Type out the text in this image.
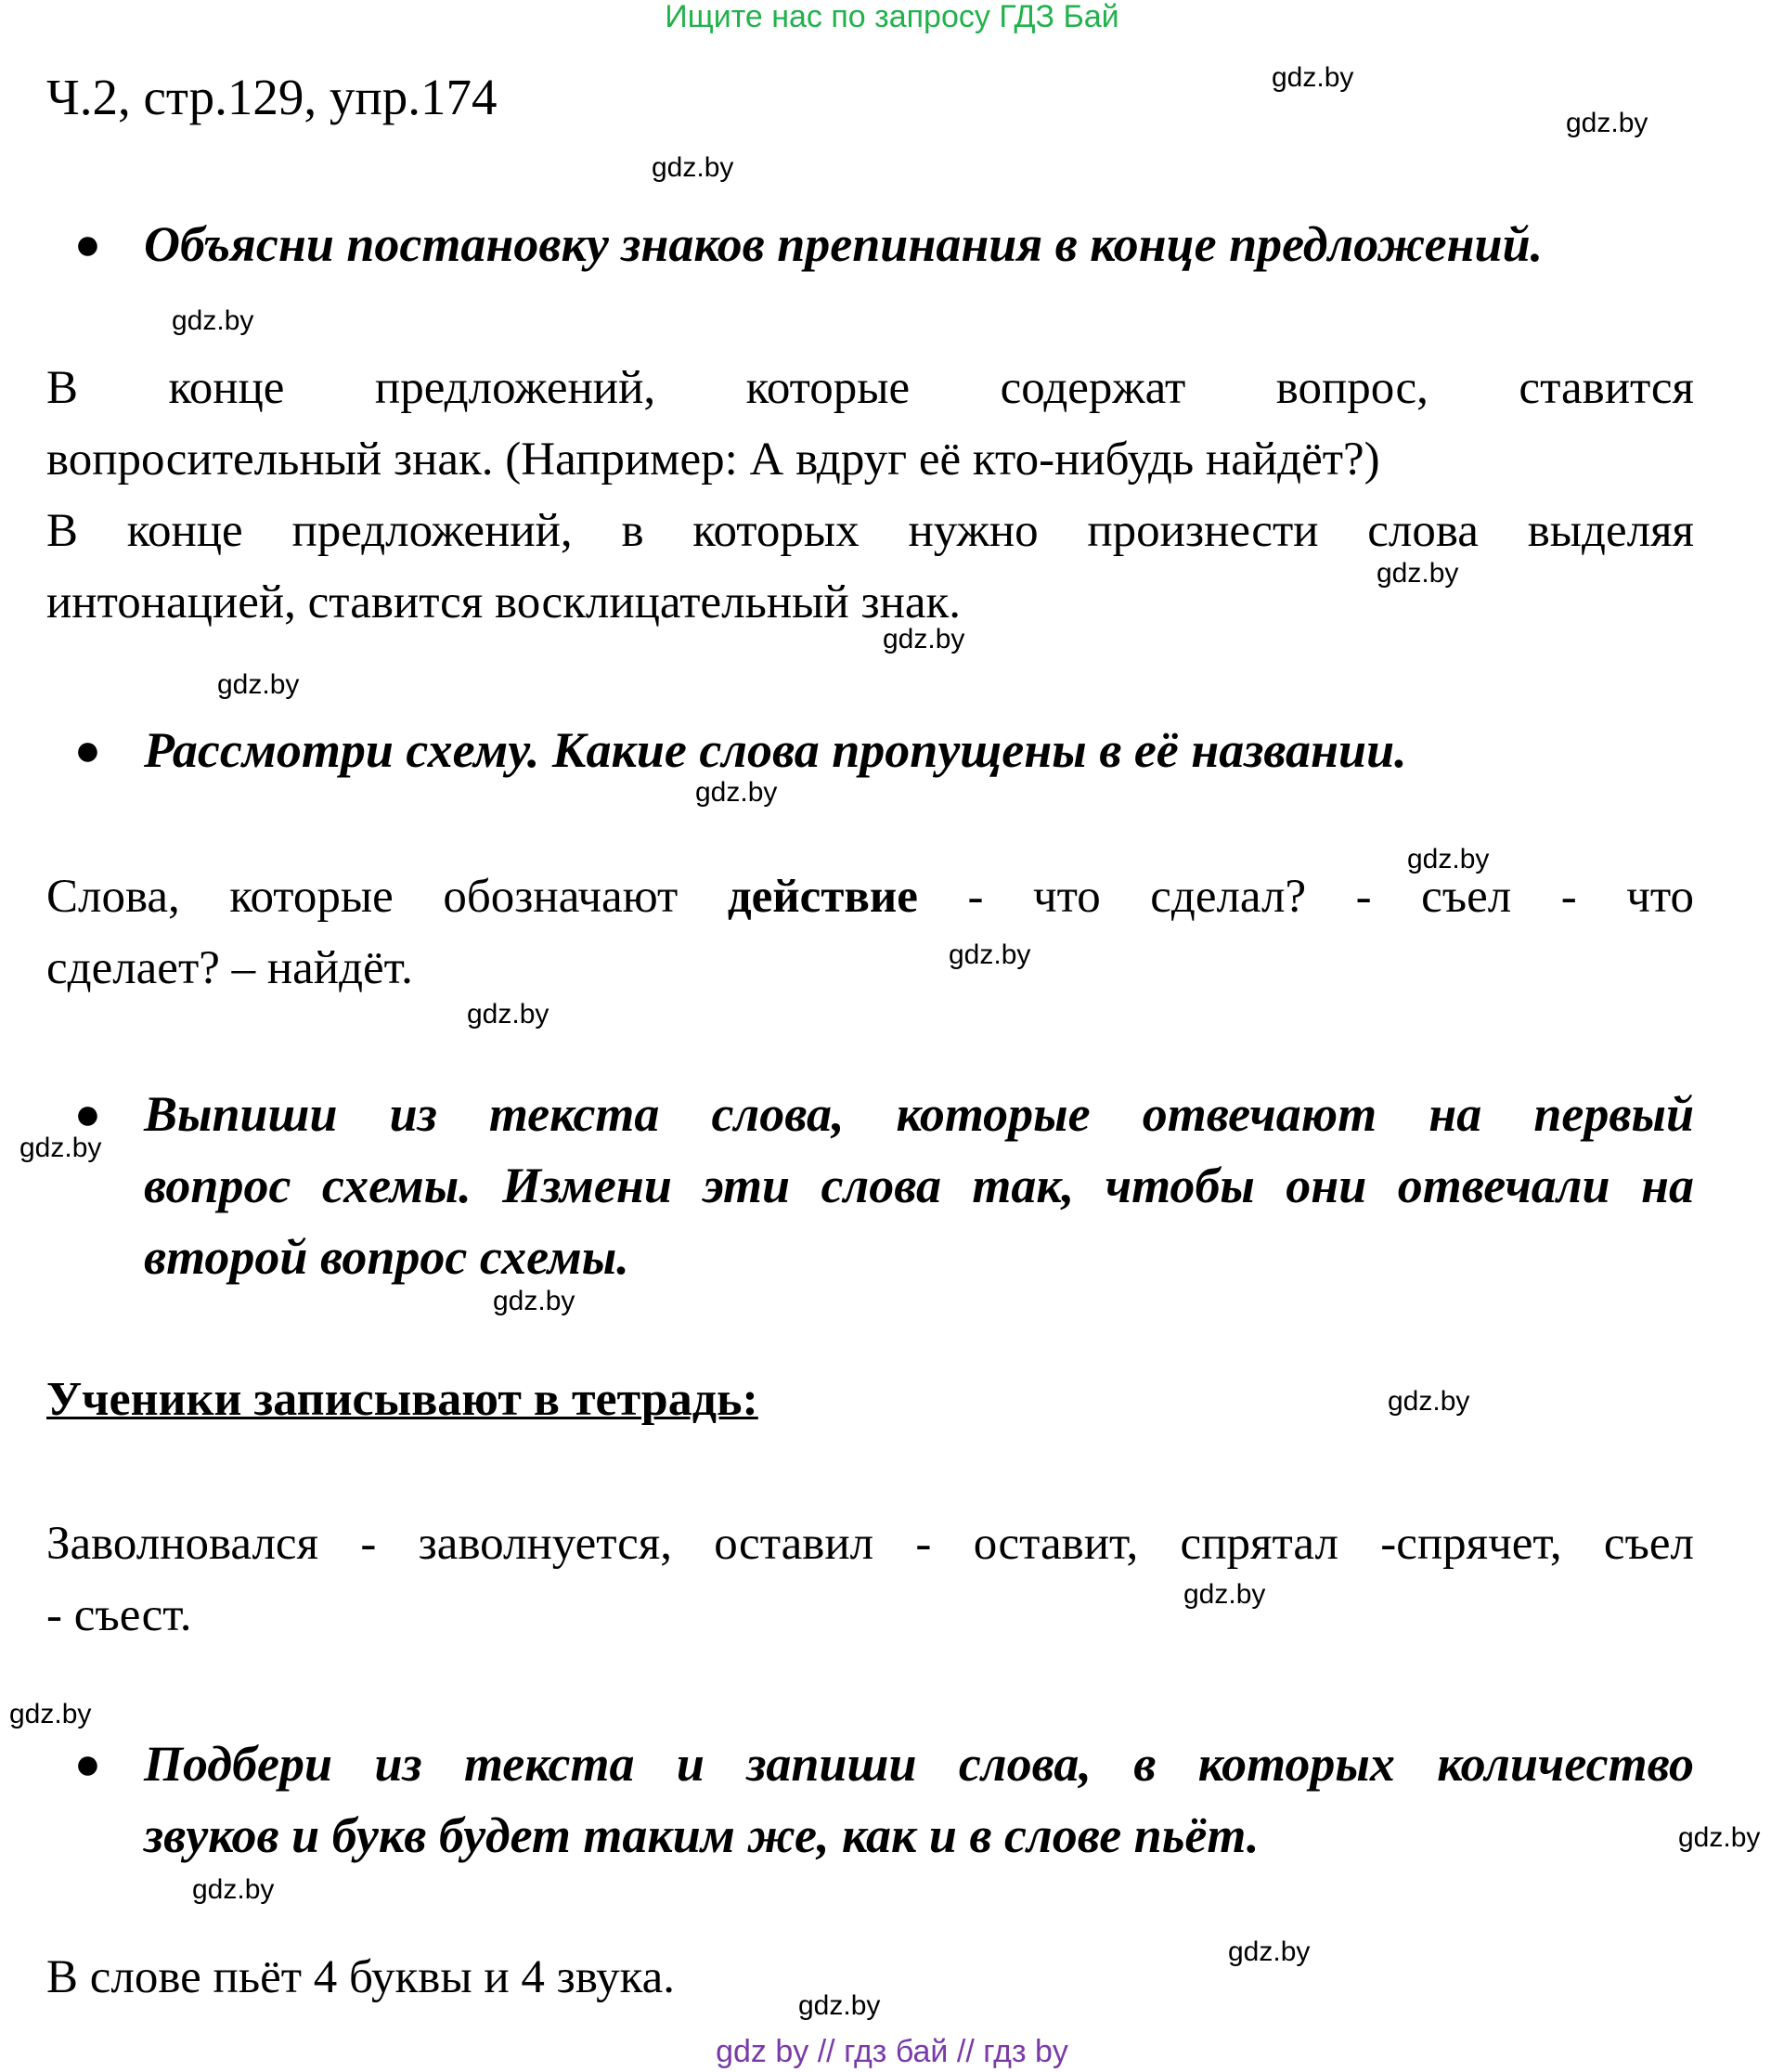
Ищите нас по запросу ГДЗ Бай
Ч.2, стр.129, упр.174
● Объясни постановку знаков препинания в конце предложений.
В конце предложений, которые содержат вопрос, ставится
вопросительный знак. (Например: А вдруг её кто-нибудь найдёт?)
В конце предложений, в которых нужно произнести слова выделяя
интонацией, ставится восклицательный знак.
● Рассмотри схему. Какие слова пропущены в её названии.
Слова, которые обозначают действие - что сделал? - съел - что
сделает? – найдёт.
● Выпиши из текста слова, которые отвечают на первый
вопрос схемы. Измени эти слова так, чтобы они отвечали на
второй вопрос схемы.
Ученики записывают в тетрадь:
Заволновался - заволнуется, оставил - оставит, спрятал -спрячет, съел
- съест.
● Подбери из текста и запиши слова, в которых количество
звуков и букв будет таким же, как и в слове пьёт.
В слове пьёт 4 буквы и 4 звука.
gdz.by
gdz.by
gdz.by
gdz.by
gdz.by
gdz.by
gdz.by
gdz.by
gdz.by
gdz.by
gdz.by
gdz.by
gdz.by
gdz.by
gdz.by
gdz.by
gdz.by
gdz.by
gdz.by
gdz.by
gdz by // гдз бай // гдз by
